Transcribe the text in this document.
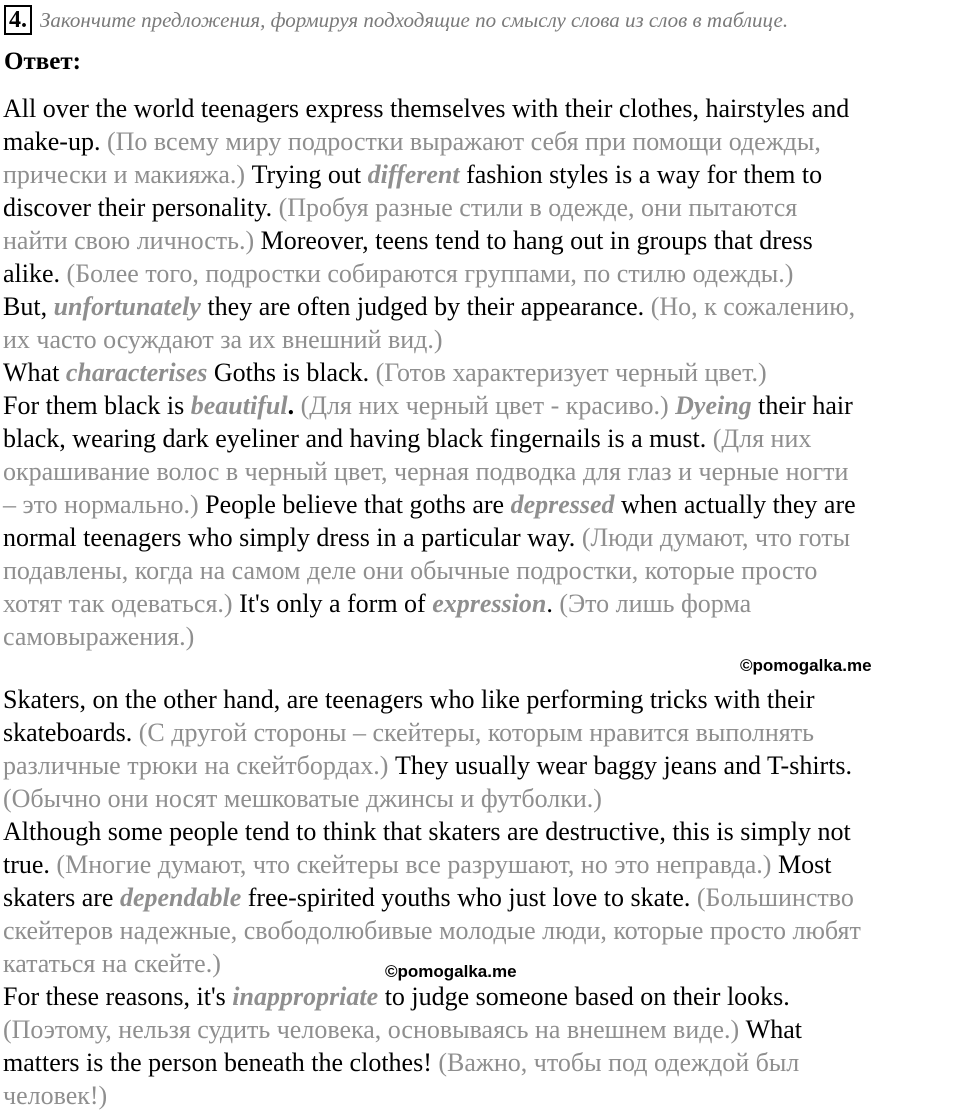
4. Закончите предложения, формируя подходящие по смыслу слова из слов в таблице.
Ответ:
All over the world teenagers express themselves with their clothes, hairstyles and
make-up. (По всему миру подростки выражают себя при помощи одежды,
прически и макияжа.) Trying out different fashion styles is a way for them to
discover their personality. (Пробуя разные стили в одежде, они пытаются
найти свою личность.) Moreover, teens tend to hang out in groups that dress
alike. (Более того, подростки собираются группами, по стилю одежды.)
But, unfortunately they are often judged by their appearance. (Но, к сожалению,
их часто осуждают за их внешний вид.)
What characterises Goths is black. (Готов характеризует черный цвет.)
For them black is beautiful. (Для них черный цвет - красиво.) Dyeing their hair
black, wearing dark eyeliner and having black fingernails is a must. (Для них
окрашивание волос в черный цвет, черная подводка для глаз и черные ногти
– это нормально.) People believe that goths are depressed when actually they are
normal teenagers who simply dress in a particular way. (Люди думают, что готы
подавлены, когда на самом деле они обычные подростки, которые просто
хотят так одеваться.) It's only a form of expression. (Это лишь форма
самовыражения.)
©pomogalka.me
Skaters, on the other hand, are teenagers who like performing tricks with their
skateboards. (С другой стороны – скейтеры, которым нравится выполнять
различные трюки на скейтбордах.) They usually wear baggy jeans and T-shirts.
(Обычно они носят мешковатые джинсы и футболки.)
Although some people tend to think that skaters are destructive, this is simply not
true. (Многие думают, что скейтеры все разрушают, но это неправда.) Most
skaters are dependable free-spirited youths who just love to skate. (Большинство
скейтеров надежные, свободолюбивые молодые люди, которые просто любят
кататься на скейте.)	©pomogalka.me
For these reasons, it's inappropriate to judge someone based on their looks.
(Поэтому, нельзя судить человека, основываясь на внешнем виде.) What
matters is the person beneath the clothes! (Важно, чтобы под одеждой был
человек!)
